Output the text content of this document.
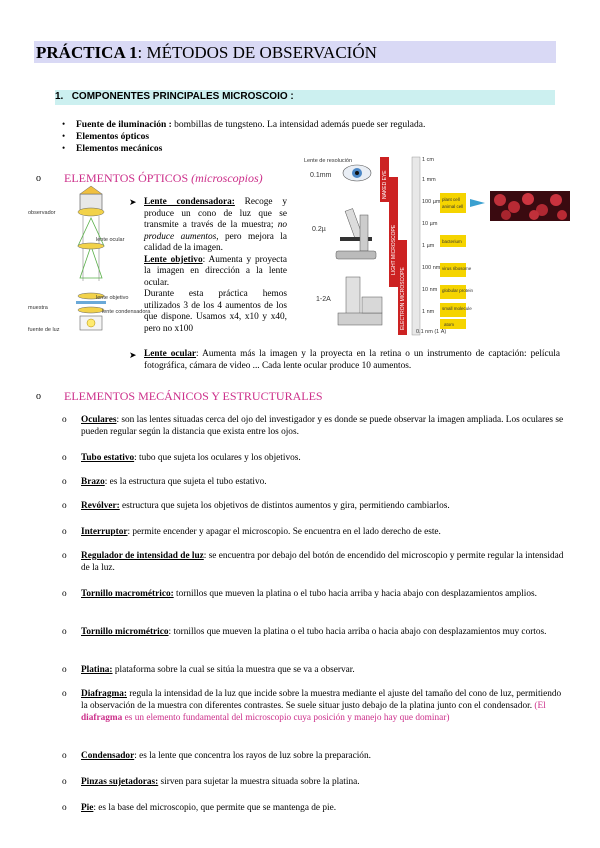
PRÁCTICA 1: MÉTODOS DE OBSERVACIÓN
1. COMPONENTES PRINCIPALES MICROSCOIO :
• Fuente de iluminación : bombillas de tungsteno. La intensidad además puede ser regulada.
• Elementos ópticos
• Elementos mecánicos
o ELEMENTOS ÓPTICOS (microscopios)
observador
lente ocular
lente objetivo
muestra
lente condensadora
fuente de luz
➤ Lente condensadora: Recoge y produce un cono de luz que se transmite a través de la muestra; no produce aumentos, pero mejora la calidad de la imagen.
Lente objetivo: Aumenta y proyecta la imagen en dirección a la lente ocular.
Durante esta práctica hemos utilizados 3 de los 4 aumentos de los que dispone. Usamos x4, x10 y x40, pero no x100
Lente de resolución
0.1mm
0.2µ
1-2A
NAKED EYE
LIGHT MICROSCOPE
ELECTRON MICROSCOPE
1 cm
1 mm
100 µm
10 µm
1 µm
100 nm
10 nm
1 nm
0.1 nm (1 Å)
plant cell
animal cell
bacterium
virus ribosome
globular protein
small molecule
atom
➤ Lente ocular: Aumenta más la imagen y la proyecta en la retina o un instrumento de captación: película fotográfica, cámara de video ... Cada lente ocular produce 10 aumentos.
o ELEMENTOS MECÁNICOS Y ESTRUCTURALES
o Oculares: son las lentes situadas cerca del ojo del investigador y es donde se puede observar la imagen ampliada. Los oculares se pueden regular según la distancia que exista entre los ojos.
o Tubo estativo: tubo que sujeta los oculares y los objetivos.
o Brazo: es la estructura que sujeta el tubo estativo.
o Revólver: estructura que sujeta los objetivos de distintos aumentos y gira, permitiendo cambiarlos.
o Interruptor: permite encender y apagar el microscopio. Se encuentra en el lado derecho de este.
o Regulador de intensidad de luz: se encuentra por debajo del botón de encendido del microscopio y permite regular la intensidad de la luz.
o Tornillo macrométrico: tornillos que mueven la platina o el tubo hacia arriba y hacia abajo con desplazamientos amplios.
o Tornillo micrométrico: tornillos que mueven la platina o el tubo hacia arriba o hacia abajo con desplazamientos muy cortos.
o Platina: plataforma sobre la cual se sitúa la muestra que se va a observar.
o Diafragma: regula la intensidad de la luz que incide sobre la muestra mediante el ajuste del tamaño del cono de luz, permitiendo la observación de la muestra con diferentes contrastes. Se suele situar justo debajo de la platina junto con el condensador. (El diafragma es un elemento fundamental del microscopio cuya posición y manejo hay que dominar)
o Condensador: es la lente que concentra los rayos de luz sobre la preparación.
o Pinzas sujetadoras: sirven para sujetar la muestra situada sobre la platina.
o Pie: es la base del microscopio, que permite que se mantenga de pie.
